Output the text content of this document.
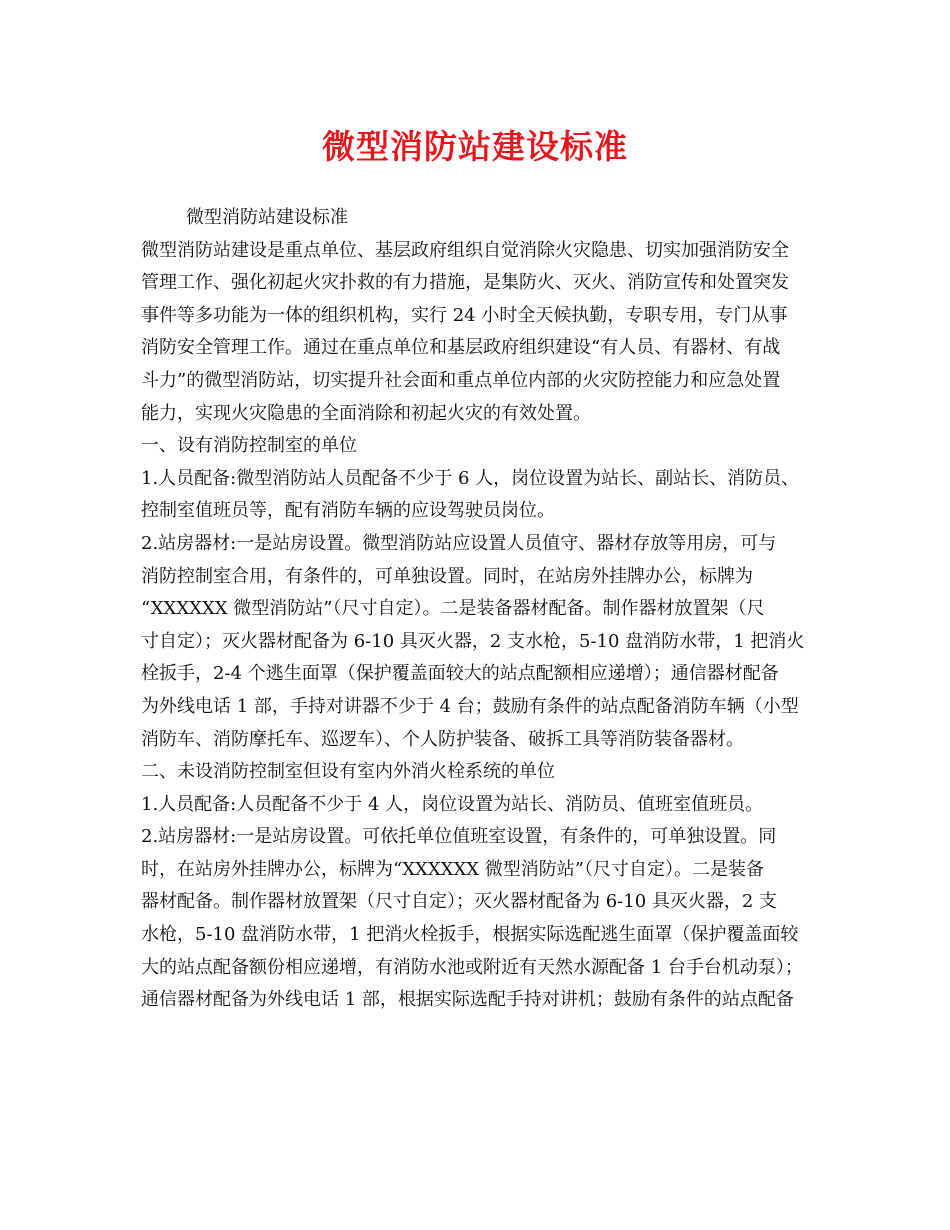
微型消防站建设标准
微型消防站建设标准
微型消防站建设是重点单位、基层政府组织自觉消除火灾隐患、切实加强消防安全
管理工作、强化初起火灾扑救的有力措施，是集防火、灭火、消防宣传和处置突发
事件等多功能为一体的组织机构，实行 24 小时全天候执勤，专职专用，专门从事
消防安全管理工作。通过在重点单位和基层政府组织建设“有人员、有器材、有战
斗力”的微型消防站，切实提升社会面和重点单位内部的火灾防控能力和应急处置
能力，实现火灾隐患的全面消除和初起火灾的有效处置。
一、设有消防控制室的单位
1.人员配备:微型消防站人员配备不少于 6 人，岗位设置为站长、副站长、消防员、
控制室值班员等，配有消防车辆的应设驾驶员岗位。
2.站房器材:一是站房设置。微型消防站应设置人员值守、器材存放等用房，可与
消防控制室合用，有条件的，可单独设置。同时，在站房外挂牌办公，标牌为
“XXXXXX 微型消防站”（尺寸自定）。二是装备器材配备。制作器材放置架（尺
寸自定）；灭火器材配备为 6-10 具灭火器，2 支水枪，5-10 盘消防水带，1 把消火
栓扳手，2-4 个逃生面罩（保护覆盖面较大的站点配额相应递增）；通信器材配备
为外线电话 1 部，手持对讲器不少于 4 台；鼓励有条件的站点配备消防车辆（小型
消防车、消防摩托车、巡逻车）、个人防护装备、破拆工具等消防装备器材。
二、未设消防控制室但设有室内外消火栓系统的单位
1.人员配备:人员配备不少于 4 人，岗位设置为站长、消防员、值班室值班员。
2.站房器材:一是站房设置。可依托单位值班室设置，有条件的，可单独设置。同
时，在站房外挂牌办公，标牌为“XXXXXX 微型消防站”（尺寸自定）。二是装备
器材配备。制作器材放置架（尺寸自定）；灭火器材配备为 6-10 具灭火器，2 支
水枪，5-10 盘消防水带，1 把消火栓扳手，根据实际选配逃生面罩（保护覆盖面较
大的站点配备额份相应递增，有消防水池或附近有天然水源配备 1 台手台机动泵）；
通信器材配备为外线电话 1 部，根据实际选配手持对讲机；鼓励有条件的站点配备
